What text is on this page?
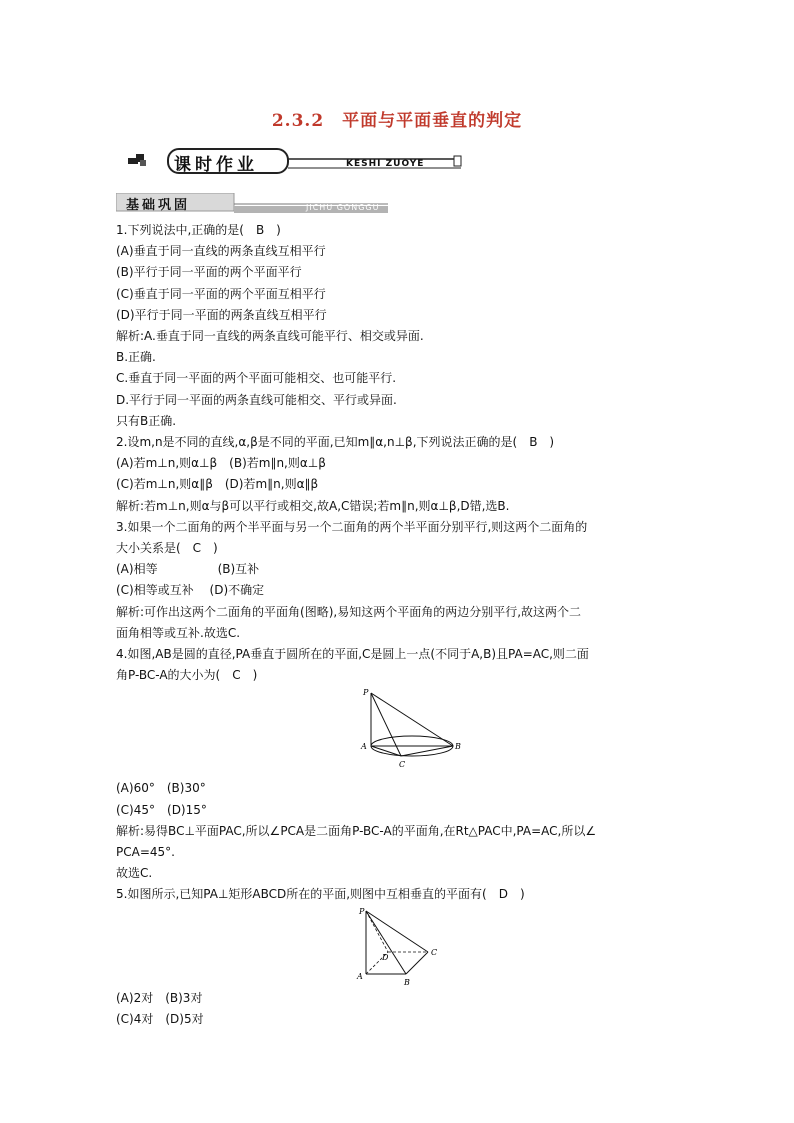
2.3.2　平面与平面垂直的判定
课时作业	KESHI ZUOYE
基础巩固	JICHU GONGGU
1.下列说法中,正确的是(　B　)
(A)垂直于同一直线的两条直线互相平行
(B)平行于同一平面的两个平面平行
(C)垂直于同一平面的两个平面互相平行
(D)平行于同一平面的两条直线互相平行
解析:A.垂直于同一直线的两条直线可能平行、相交或异面.
B.正确.
C.垂直于同一平面的两个平面可能相交、也可能平行.
D.平行于同一平面的两条直线可能相交、平行或异面.
只有B正确.
2.设m,n是不同的直线,α,β是不同的平面,已知m∥α,n⊥β,下列说法正确的是(　B　)
(A)若m⊥n,则α⊥β　(B)若m∥n,则α⊥β
(C)若m⊥n,则α∥β　(D)若m∥n,则α∥β
解析:若m⊥n,则α与β可以平行或相交,故A,C错误;若m∥n,则α⊥β,D错,选B.
3.如果一个二面角的两个半平面与另一个二面角的两个半平面分别平行,则这两个二面角的
大小关系是(　C　)
(A)相等　　　　　(B)互补
(C)相等或互补　 (D)不确定
解析:可作出这两个二面角的平面角(图略),易知这两个平面角的两边分别平行,故这两个二
面角相等或互补.故选C.
4.如图,AB是圆的直径,PA垂直于圆所在的平面,C是圆上一点(不同于A,B)且PA=AC,则二面
角P-BC-A的大小为(　C　)
P
A	B
C
(A)60°　(B)30°
(C)45°　(D)15°
解析:易得BC⊥平面PAC,所以∠PCA是二面角P-BC-A的平面角,在Rt△PAC中,PA=AC,所以∠
PCA=45°.
故选C.
5.如图所示,已知PA⊥矩形ABCD所在的平面,则图中互相垂直的平面有(　D　)
P
A
B
C
D
(A)2对　(B)3对
(C)4对　(D)5对
